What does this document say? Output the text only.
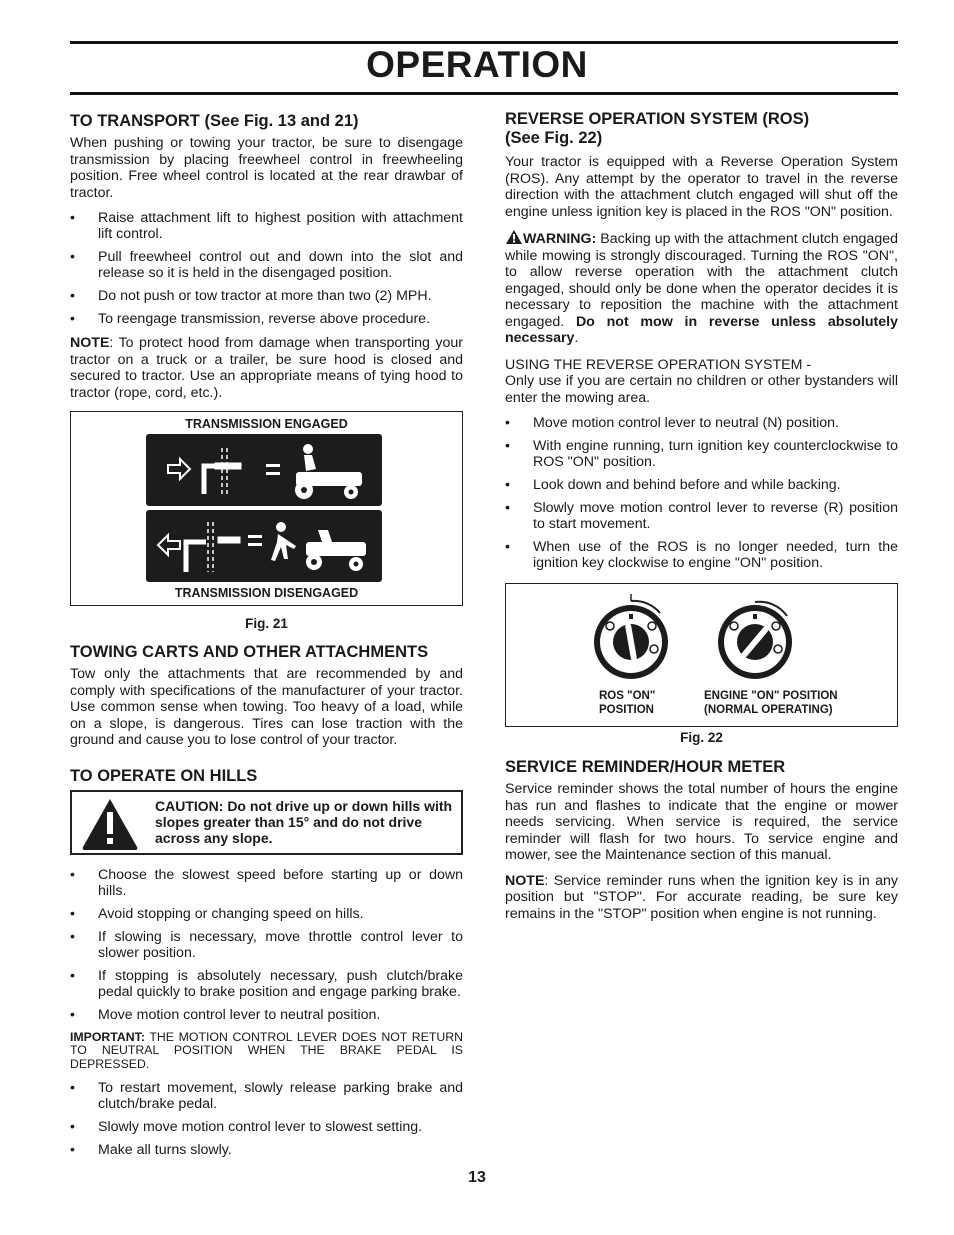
OPERATION
TO TRANSPORT (See Fig. 13 and 21)

When pushing or towing your tractor, be sure to disengage transmission by placing freewheel control in freewheeling position. Free wheel control is located at the rear drawbar of tractor.

• Raise attachment lift to highest position with attachment lift control.
• Pull freewheel control out and down into the slot and release so it is held in the disengaged position.
• Do not push or tow tractor at more than two (2) MPH.
• To reengage transmission, reverse above procedure.

NOTE: To protect hood from damage when transporting your tractor on a truck or a trailer, be sure hood is closed and secured to tractor. Use an appropriate means of tying hood to tractor (rope, cord, etc.).

TRANSMISSION ENGAGED
TRANSMISSION DISENGAGED
Fig. 21
TOWING CARTS AND OTHER ATTACHMENTS

Tow only the attachments that are recommended by and comply with specifications of the manufacturer of your tractor. Use common sense when towing. Too heavy of a load, while on a slope, is dangerous. Tires can lose traction with the ground and cause you to lose control of your tractor.

TO OPERATE ON HILLS
CAUTION: Do not drive up or down hills with slopes greater than 15° and do not drive across any slope.
• Choose the slowest speed before starting up or down hills.
• Avoid stopping or changing speed on hills.
• If slowing is necessary, move throttle control lever to slower position.
• If stopping is absolutely necessary, push clutch/brake pedal quickly to brake position and engage parking brake.
• Move motion control lever to neutral position.

IMPORTANT: THE MOTION CONTROL LEVER DOES NOT RETURN TO NEUTRAL POSITION WHEN THE BRAKE PEDAL IS DEPRESSED.

• To restart movement, slowly release parking brake and clutch/brake pedal.
• Slowly move motion control lever to slowest setting.
• Make all turns slowly.
REVERSE OPERATION SYSTEM (ROS)
(See Fig. 22)

Your tractor is equipped with a Reverse Operation System (ROS). Any attempt by the operator to travel in the reverse direction with the attachment clutch engaged will shut off the engine unless ignition key is placed in the ROS "ON" position.

WARNING: Backing up with the attachment clutch engaged while mowing is strongly discouraged. Turning the ROS "ON", to allow reverse operation with the attachment clutch engaged, should only be done when the operator decides it is necessary to reposition the machine with the attachment engaged. Do not mow in reverse unless absolutely necessary.

USING THE REVERSE OPERATION SYSTEM -
Only use if you are certain no children or other bystanders will enter the mowing area.

• Move motion control lever to neutral (N) position.
• With engine running, turn ignition key counterclockwise to ROS "ON" position.
• Look down and behind before and while backing.
• Slowly move motion control lever to reverse (R) position to start movement.
• When use of the ROS is no longer needed, turn the ignition key clockwise to engine "ON" position.
ROS "ON"
POSITION
ENGINE "ON" POSITION
(NORMAL OPERATING)
Fig. 22
SERVICE REMINDER/HOUR METER

Service reminder shows the total number of hours the engine has run and flashes to indicate that the engine or mower needs servicing. When service is required, the service reminder will flash for two hours. To service engine and mower, see the Maintenance section of this manual.

NOTE: Service reminder runs when the ignition key is in any position but "STOP". For accurate reading, be sure key remains in the "STOP" position when engine is not running.

13
